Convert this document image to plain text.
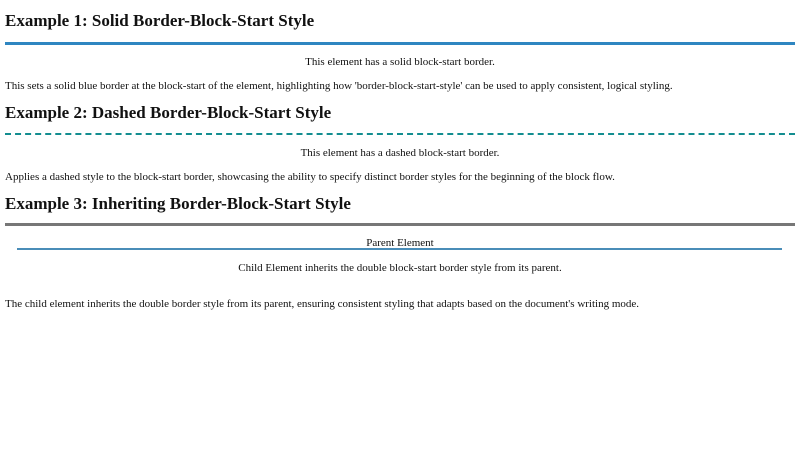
Example 1: Solid Border-Block-Start Style
This element has a solid block-start border.
This sets a solid blue border at the block-start of the element, highlighting how 'border-block-start-style' can be used to apply consistent, logical styling.
Example 2: Dashed Border-Block-Start Style
This element has a dashed block-start border.
Applies a dashed style to the block-start border, showcasing the ability to specify distinct border styles for the beginning of the block flow.
Example 3: Inheriting Border-Block-Start Style
Parent Element
Child Element inherits the double block-start border style from its parent.
The child element inherits the double border style from its parent, ensuring consistent styling that adapts based on the document's writing mode.
